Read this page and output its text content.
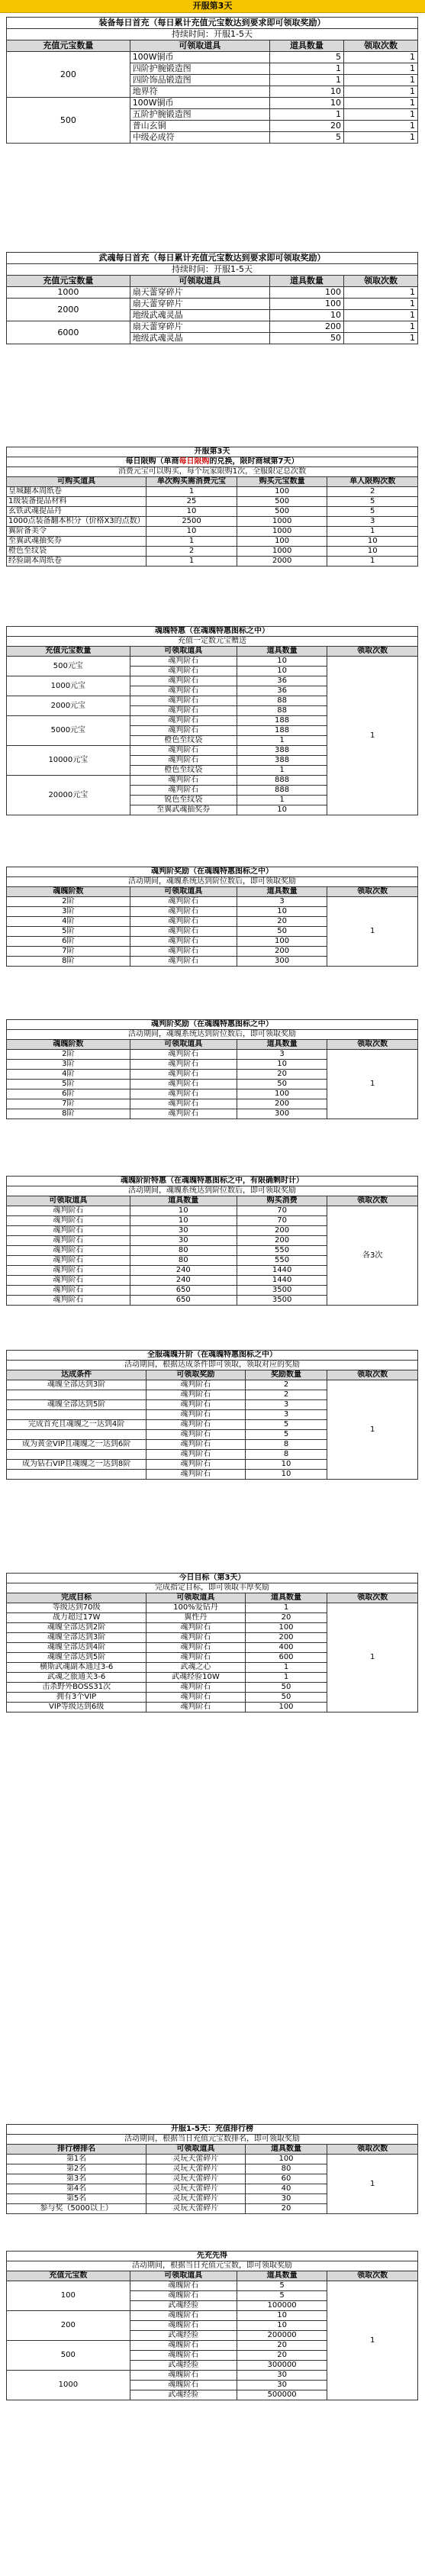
开服第3天
装备每日首充（每日累计充值元宝数达到要求即可领取奖励）			
持续时间：开服1-5天			
充值元宝数量	可领取道具	道具数量	领取次数
200	100W铜币	5	1
	四阶护腕锻造图	1	1
	四阶饰品锻造图	1	1
	地界符	10	1
500	100W铜币	10	1
	五阶护腕锻造图	1	1
	普山玄铜	20	1
	中级必成符	5	1
武魂每日首充（每日累计充值元宝数达到要求即可领取奖励）			
持续时间：开服1-5天			
充值元宝数量	可领取道具	道具数量	领取次数
1000	扇天蕾穿碎片	100	1
2000	扇天蕾穿碎片	100	1
	地级武魂灵晶	10	1
6000	扇天蕾穿碎片	200	1
	地级武魂灵晶	50	1
开服第3天			
每日限购（单商每日限购的兑换，限时商城第7天）			
消费元宝可以购买，每个玩家限购1次，全服限定总次数			
可购买道具	单次购买需消费元宝	购买元宝数量	单人限购次数
皇城翻本周纸卷	1	100	2
1级装备提品材料	25	500	5
玄铁武魂提品丹	10	500	5
1000点装备翻本积分（价格X3的点数）	2500	1000	3
翼阶备美令	10	1000	1
至翼武魂抽奖券	1	100	10
橙色至纹袋	2	1000	10
经验副本周纸卷	1	2000	1
魂魄特惠（在魂魄特惠图标之中）			
充值一定数元宝赠送			
充值元宝数量	可领取道具	道具数量	领取次数
500元宝	魂判阶石	10	1
	魂判阶石	10	
1000元宝	魂判阶石	36	
	魂判阶石	36	
2000元宝	魂判阶石	88	
	魂判阶石	88	
5000元宝	魂判阶石	188	
	魂判阶石	188	
	橙色至纹袋	1	
10000元宝	魂判阶石	388	
	魂判阶石	388	
	橙色至纹袋	1	
20000元宝	魂判阶石	888	
	魂判阶石	888	
	锐色至纹袋	1	
	至翼武魂抽奖券	10	
魂判阶奖励（在魂魄特惠图标之中）			
活动期间，魂魄系统达到阶位数后，即可领取奖励			
魂魄阶数	可领取道具	道具数量	领取次数
2阶	魂判阶石	3	1
3阶	魂判阶石	10	
4阶	魂判阶石	20	
5阶	魂判阶石	50	
6阶	魂判阶石	100	
7阶	魂判阶石	200	
8阶	魂判阶石	300	
魂判阶奖励（在魂魄特惠图标之中）			
活动期间，魂魄系统达到阶位数后，即可领取奖励			
魂魄阶数	可领取道具	道具数量	领取次数
2阶	魂判阶石	3	1
3阶	魂判阶石	10	
4阶	魂判阶石	20	
5阶	魂判阶石	50	
6阶	魂判阶石	100	
7阶	魂判阶石	200	
8阶	魂判阶石	300	
魂魄阶阶特惠（在魂魄特惠图标之中，有限确剩时计）			
活动期间，魂魄系统达到阶位数后，即可领取奖励			
可领取道具	道具数量	购买消费	领取次数
魂判阶石	10	70	各3次
魂判阶石	10	70	
魂判阶石	30	200	
魂判阶石	30	200	
魂判阶石	80	550	
魂判阶石	80	550	
魂判阶石	240	1440	
魂判阶石	240	1440	
魂判阶石	650	3500	
魂判阶石	650	3500	
全服魂魄升阶（在魂魄特惠图标之中）			
活动期间，根据达成条件即可领取，领取对应的奖励			
达成条件	可领取奖励	奖励数量	领取次数
魂魄全部达到3阶	魂判阶石	2	1
	魂判阶石	2	
魂魄全部达到5阶	魂判阶石	3	
	魂判阶石	3	
完成首充且魂魄之一达到4阶	魂判阶石	5	
	魂判阶石	5	
成为黄金VIP且魂魄之一达到6阶	魂判阶石	8	
	魂判阶石	8	
成为钻石VIP且魂魄之一达到8阶	魂判阶石	10	
	魂判阶石	10	
今日目标（第3天）			
完成指定目标，即可领取丰厚奖励			
完成目标	可领取道具	道具数量	领取次数
等级达到70级	100%爱钻丹	1	1
战力超过17W	翼性丹	20	
魂魄全部达到2阶	魂判阶石	100	
魂魄全部达到3阶	魂判阶石	200	
魂魄全部达到4阶	魂判阶石	400	
魂魄全部达到5阶	魂判阶石	600	
横斯武魂副本通过3-6	武魂之心	1	
武魂之旅通关3-6	武魂经验10W	1	
击杀野外BOSS31次	魂判阶石	50	
拥有3个VIP	魂判阶石	50	
VIP等级达到6级	魂判阶石	100	
开服1-5天：充值排行榜			
活动期间，根据当日充值元宝数排名，即可领取奖励			
排行榜排名	可领取道具	道具数量	领取次数
第1名	灵玩天蕾碎片	100	1
第2名	灵玩天蕾碎片	80	
第3名	灵玩天蕾碎片	60	
第4名	灵玩天蕾碎片	40	
第5名	灵玩天蕾碎片	30	
参与奖（5000以上）	灵玩天蕾碎片	20	
先充先得			
活动期间，根据当日充值元宝数，即可领取奖励			
充值元宝数	可领取道具	道具数量	领取次数
100	魂魄阶石	5	1
	魂魄阶石	5	
	武魂经验	100000	
200	魂魄阶石	10	
	魂魄阶石	10	
	武魂经验	200000	
500	魂魄阶石	20	
	魂魄阶石	20	
	武魂经验	300000	
1000	魂魄阶石	30	
	魂魄阶石	30	
	武魂经验	500000	
